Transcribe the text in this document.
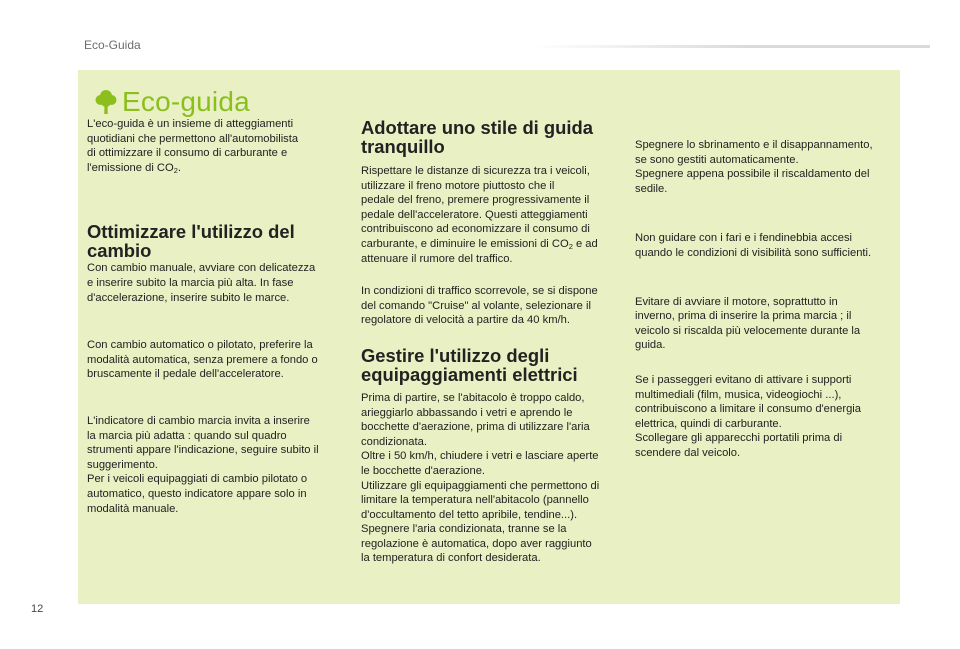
Eco-Guida
Eco-guida

L'eco-guida è un insieme di atteggiamenti
quotidiani che permettono all'automobilista
di ottimizzare il consumo di carburante e
l'emissione di $CO_2$.

Ottimizzare l'utilizzo del
cambio

Con cambio manuale, avviare con delicatezza
e inserire subito la marcia più alta. In fase
d'accelerazione, inserire subito le marce.

Con cambio automatico o pilotato, preferire la
modalità automatica, senza premere a fondo o
bruscamente il pedale dell'acceleratore.

L'indicatore di cambio marcia invita a inserire
la marcia più adatta : quando sul quadro
strumenti appare l'indicazione, seguire subito il
suggerimento.
Per i veicoli equipaggiati di cambio pilotato o
automatico, questo indicatore appare solo in
modalità manuale.

Adottare uno stile di guida
tranquillo

Rispettare le distanze di sicurezza tra i veicoli,
utilizzare il freno motore piuttosto che il
pedale del freno, premere progressivamente il
pedale dell'acceleratore. Questi atteggiamenti
contribuiscono ad economizzare il consumo di
carburante, e diminuire le emissioni di $CO_2$ e ad
attenuare il rumore del traffico.

In condizioni di traffico scorrevole, se si dispone
del comando "Cruise" al volante, selezionare il
regolatore di velocità a partire da 40 km/h.

Gestire l'utilizzo degli
equipaggiamenti elettrici

Prima di partire, se l'abitacolo è troppo caldo,
arieggiarlo abbassando i vetri e aprendo le
bocchette d'aerazione, prima di utilizzare l'aria
condizionata.
Oltre i 50 km/h, chiudere i vetri e lasciare aperte
le bocchette d'aerazione.
Utilizzare gli equipaggiamenti che permettono di
limitare la temperatura nell'abitacolo (pannello
d'occultamento del tetto apribile, tendine...).
Spegnere l'aria condizionata, tranne se la
regolazione è automatica, dopo aver raggiunto
la temperatura di confort desiderata.

Spegnere lo sbrinamento e il disappannamento,
se sono gestiti automaticamente.
Spegnere appena possibile il riscaldamento del
sedile.

Non guidare con i fari e i fendinebbia accesi
quando le condizioni di visibilità sono sufficienti.

Evitare di avviare il motore, soprattutto in
inverno, prima di inserire la prima marcia ; il
veicolo si riscalda più velocemente durante la
guida.

Se i passeggeri evitano di attivare i supporti
multimediali (film, musica, videogiochi ...),
contribuiscono a limitare il consumo d'energia
elettrica, quindi di carburante.
Scollegare gli apparecchi portatili prima di
scendere dal veicolo.

12
